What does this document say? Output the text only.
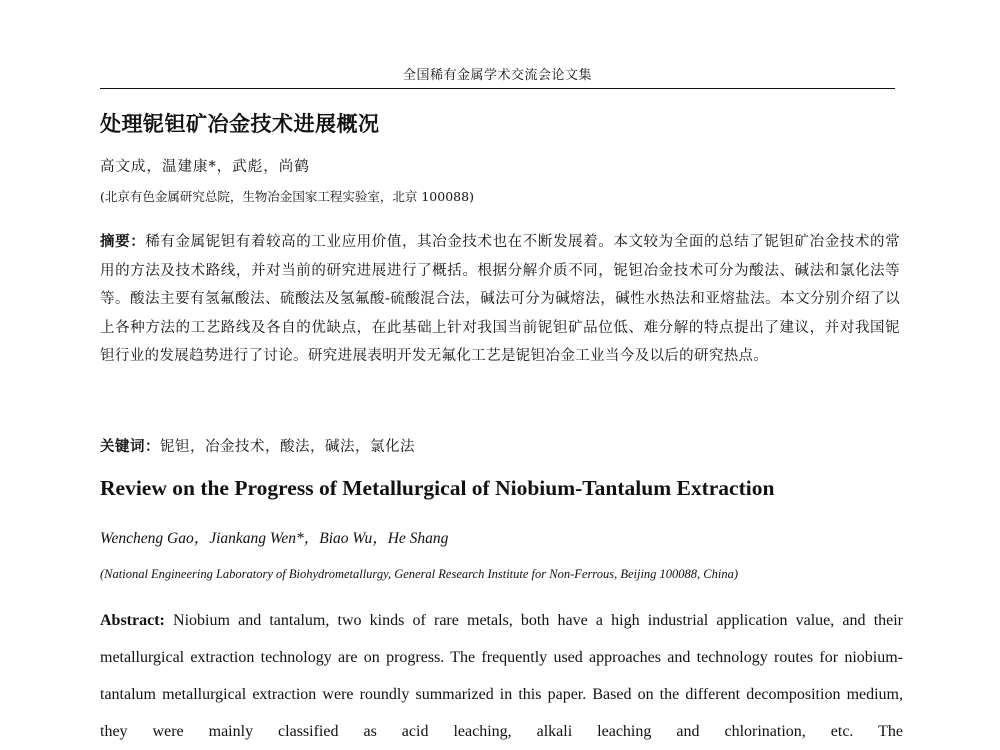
全国稀有金属学术交流会论文集
处理铌钽矿冶金技术进展概况
高文成，温建康*，武彪，尚鹤
(北京有色金属研究总院，生物冶金国家工程实验室，北京 100088)
摘要：稀有金属铌钽有着较高的工业应用价值，其冶金技术也在不断发展着。本文较为全面的总结了铌钽矿冶金技术的常用的方法及技术路线，并对当前的研究进展进行了概括。根据分解介质不同，铌钽冶金技术可分为酸法、碱法和氯化法等等。酸法主要有氢氟酸法、硫酸法及氢氟酸-硫酸混合法，碱法可分为碱熔法，碱性水热法和亚熔盐法。本文分别介绍了以上各种方法的工艺路线及各自的优缺点，在此基础上针对我国当前铌钽矿品位低、难分解的特点提出了建议，并对我国铌钽行业的发展趋势进行了讨论。研究进展表明开发无氟化工艺是铌钽冶金工业当今及以后的研究热点。
关键词：铌钽，冶金技术，酸法，碱法，氯化法
Review on the Progress of Metallurgical of Niobium-Tantalum Extraction
Wencheng Gao，Jiankang Wen*，Biao Wu，He Shang
(National Engineering Laboratory of Biohydrometallurgy, General Research Institute for Non-Ferrous, Beijing 100088, China)
Abstract: Niobium and tantalum, two kinds of rare metals, both have a high industrial application value, and their metallurgical extraction technology are on progress. The frequently used approaches and technology routes for niobium-tantalum metallurgical extraction were roundly summarized in this paper. Based on the different decomposition medium, they were mainly classified as acid leaching, alkali leaching and chlorination, etc. The
